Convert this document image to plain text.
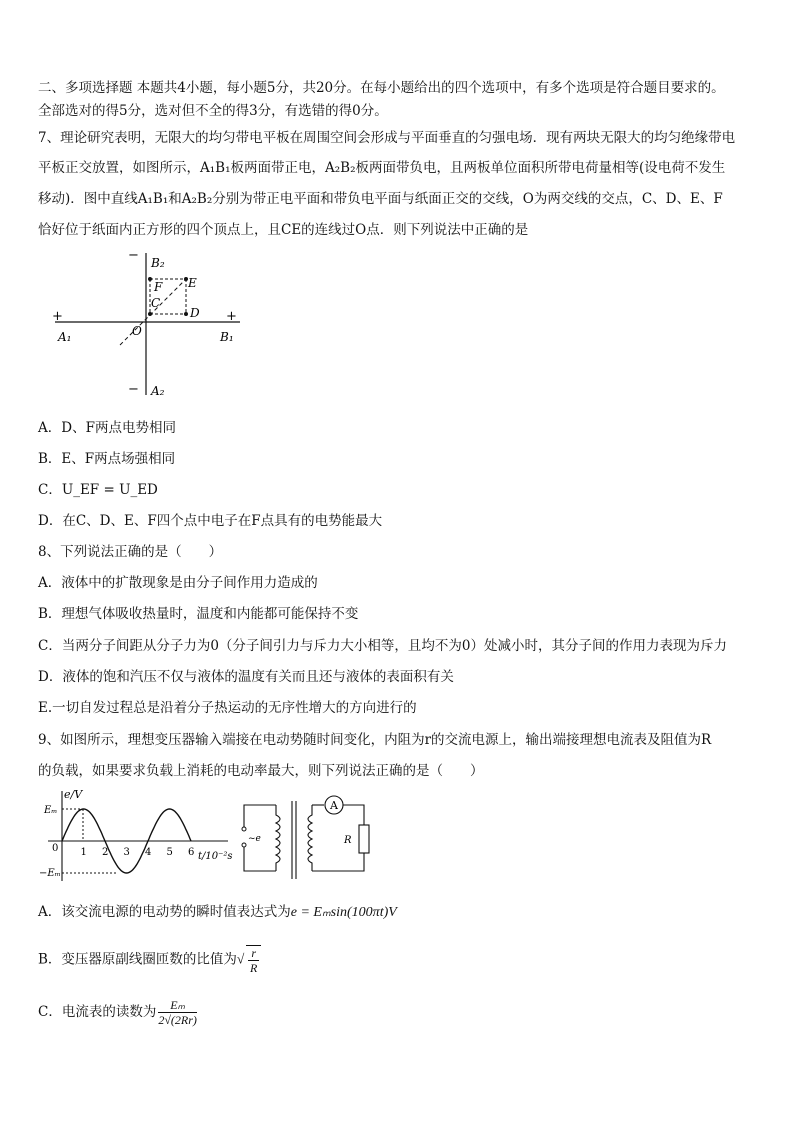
二、多项选择题 本题共4小题，每小题5分，共20分。在每小题给出的四个选项中，有多个选项是符合题目要求的。
全部选对的得5分，选对但不全的得3分，有选错的得0分。
7、理论研究表明，无限大的均匀带电平板在周围空间会形成与平面垂直的匀强电场．现有两块无限大的均匀绝缘带电
平板正交放置，如图所示，A₁B₁板两面带正电，A₂B₂板两面带负电，且两板单位面积所带电荷量相等(设电荷不发生
移动)．图中直线A₁B₁和A₂B₂分别为带正电平面和带负电平面与纸面正交的交线，O为两交线的交点，C、D、E、F
恰好位于纸面内正方形的四个顶点上，且CE的连线过O点．则下列说法中正确的是
+	+
−
−
B₂
A₂
A₁	B₁
F E
C
D
O
A．D、F两点电势相同
B．E、F两点场强相同
C．U_EF = U_ED
D．在C、D、E、F四个点中电子在F点具有的电势能最大
8、下列说法正确的是（　　）
A．液体中的扩散现象是由分子间作用力造成的
B．理想气体吸收热量时，温度和内能都可能保持不变
C．当两分子间距从分子力为0（分子间引力与斥力大小相等，且均不为0）处减小时，其分子间的作用力表现为斥力
D．液体的饱和汽压不仅与液体的温度有关而且还与液体的表面积有关
E.一切自发过程总是沿着分子热运动的无序性增大的方向进行的
9、如图所示，理想变压器输入端接在电动势随时间变化，内阻为r的交流电源上，输出端接理想电流表及阻值为R
的负载，如果要求负载上消耗的电动率最大，则下列说法正确的是（　　）
e/V
t/10⁻²s
Eₘ
−Eₘ
0 1 2 3 4 5 6
~e
A
R
A．该交流电源的电动势的瞬时值表达式为e = Eₘsin(100πt)V
B．变压器原副线圈匝数的比值为√ $\frac{r}{R}$
C．电流表的读数为 $\frac{\text{Eₘ}}{2√(2Rr)}$
